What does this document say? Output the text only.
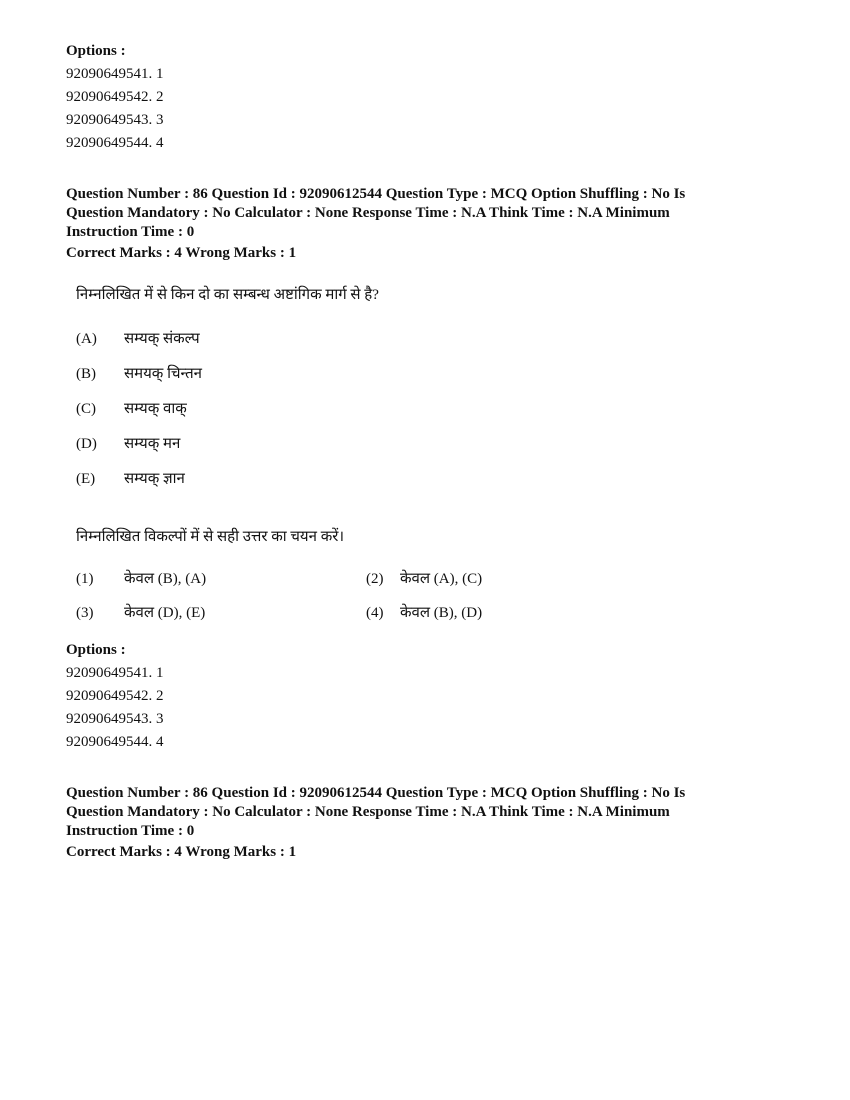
Options :
92090649541. 1
92090649542. 2
92090649543. 3
92090649544. 4
Question Number : 86 Question Id : 92090612544 Question Type : MCQ Option Shuffling : No Is
Question Mandatory : No Calculator : None Response Time : N.A Think Time : N.A Minimum
Instruction Time : 0
Correct Marks : 4 Wrong Marks : 1
निम्नलिखित में से किन दो का सम्बन्ध अष्टांगिक मार्ग से है?
(A) सम्यक् संकल्प
(B) समयक् चिन्तन
(C) सम्यक् वाक्
(D) सम्यक् मन
(E) सम्यक् ज्ञान
निम्नलिखित विकल्पों में से सही उत्तर का चयन करें।
(1) केवल (B), (A)	(2) केवल (A), (C)
(3) केवल (D), (E)	(4) केवल (B), (D)
Options :
92090649541. 1
92090649542. 2
92090649543. 3
92090649544. 4
Question Number : 86 Question Id : 92090612544 Question Type : MCQ Option Shuffling : No Is
Question Mandatory : No Calculator : None Response Time : N.A Think Time : N.A Minimum
Instruction Time : 0
Correct Marks : 4 Wrong Marks : 1
